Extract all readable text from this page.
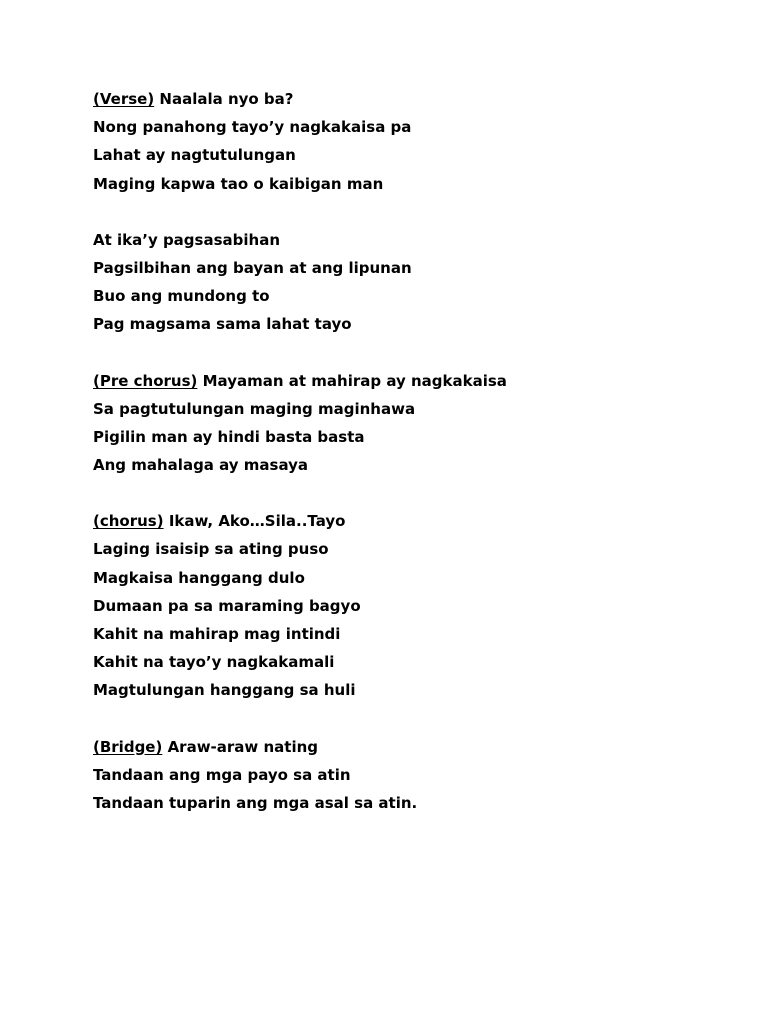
(Verse) Naalala nyo ba?
Nong panahong tayo’y nagkakaisa pa
Lahat ay nagtutulungan
Maging kapwa tao o kaibigan man
At ika’y pagsasabihan
Pagsilbihan ang bayan at ang lipunan
Buo ang mundong to
Pag magsama sama lahat tayo
(Pre chorus) Mayaman at mahirap ay nagkakaisa
Sa pagtutulungan maging maginhawa
Pigilin man ay hindi basta basta
Ang mahalaga ay masaya
(chorus) Ikaw, Ako…Sila..Tayo
Laging isaisip sa ating puso
Magkaisa hanggang dulo
Dumaan pa sa maraming bagyo
Kahit na mahirap mag intindi
Kahit na tayo’y nagkakamali
Magtulungan hanggang sa huli
(Bridge) Araw-araw nating
Tandaan ang mga payo sa atin
Tandaan tuparin ang mga asal sa atin.
